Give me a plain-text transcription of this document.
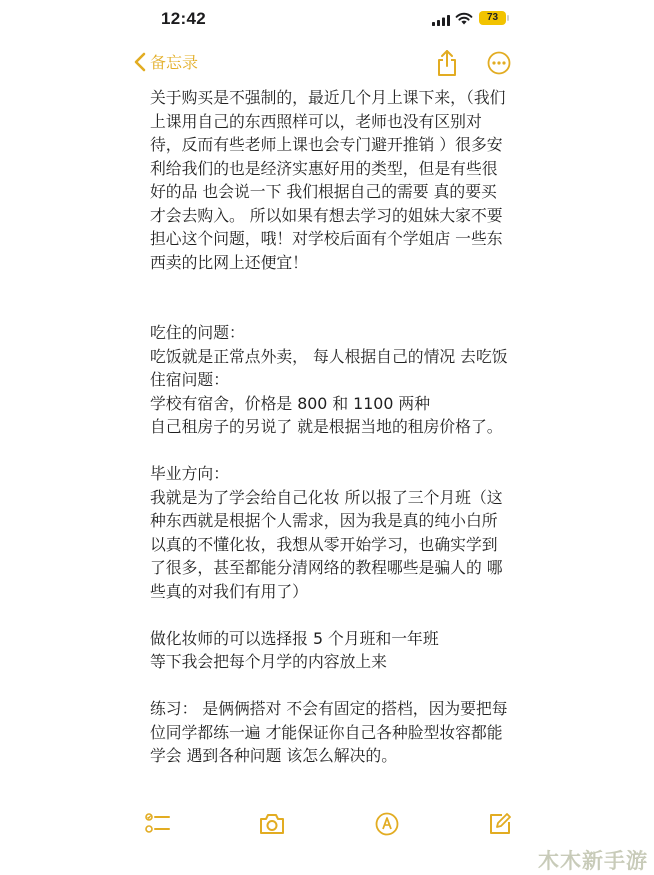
12:42	73
备忘录

关于购买是不强制的，最近几个月上课下来，（我们上课用自己的东西照样可以，老师也没有区别对待，反而有些老师上课也会专门避开推销 ）很多安利给我们的也是经济实惠好用的类型，但是有些很好的品 也会说一下 我们根据自己的需要 真的要买 才会去购入。 所以如果有想去学习的姐妹大家不要担心这个问题，哦！对学校后面有个学姐店 一些东西卖的比网上还便宜！

吃住的问题：

吃饭就是正常点外卖， 每人根据自己的情况 去吃饭

住宿问题：

学校有宿舍，价格是 800 和 1100 两种

自己租房子的另说了 就是根据当地的租房价格了。

毕业方向：

我就是为了学会给自己化妆 所以报了三个月班（这种东西就是根据个人需求，因为我是真的纯小白所以真的不懂化妆，我想从零开始学习，也确实学到了很多，甚至都能分清网络的教程哪些是骗人的 哪些真的对我们有用了）

做化妆师的可以选择报 5 个月班和一年班

等下我会把每个月学的内容放上来

练习： 是俩俩搭对 不会有固定的搭档，因为要把每位同学都练一遍 才能保证你自己各种脸型妆容都能学会 遇到各种问题 该怎么解决的。

木木新手游
